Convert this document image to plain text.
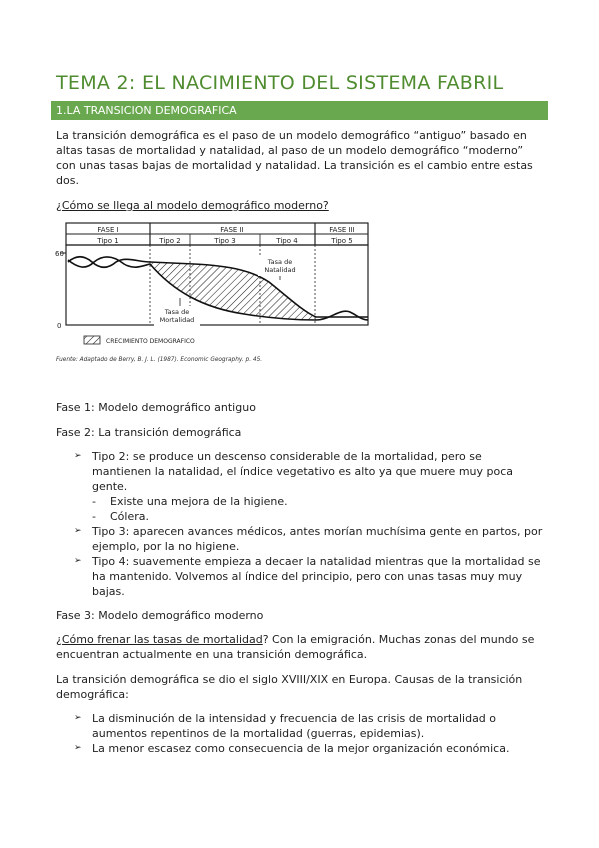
TEMA 2: EL NACIMIENTO DEL SISTEMA FABRIL
1.LA TRANSICION DEMOGRAFICA
La transición demográfica es el paso de un modelo demográfico “antiguo” basado en
altas tasas de mortalidad y natalidad, al paso de un modelo demográfico “moderno”
con unas tasas bajas de mortalidad y natalidad. La transición es el cambio entre estas
dos.
¿Cómo se llega al modelo demográfico moderno?
FASE I	FASE II	FASE III
Tipo 1	Tipo 2	Tipo 3	Tipo 4	Tipo 5
60
0
Tasa de
Natalidad
Tasa de
Mortalidad
CRECIMIENTO DEMOGRAFICO
Fuente: Adaptado de Berry, B. J. L. (1987). Economic Geography. p. 45.
Fase 1: Modelo demográfico antiguo
Fase 2: La transición demográfica
➢ Tipo 2: se produce un descenso considerable de la mortalidad, pero se
mantienen la natalidad, el índice vegetativo es alto ya que muere muy poca
gente.
- Existe una mejora de la higiene.
- Cólera.
➢ Tipo 3: aparecen avances médicos, antes morían muchísima gente en partos, por
ejemplo, por la no higiene.
➢ Tipo 4: suavemente empieza a decaer la natalidad mientras que la mortalidad se
ha mantenido. Volvemos al índice del principio, pero con unas tasas muy muy
bajas.
Fase 3: Modelo demográfico moderno
¿Cómo frenar las tasas de mortalidad? Con la emigración. Muchas zonas del mundo se
encuentran actualmente en una transición demográfica.
La transición demográfica se dio el siglo XVIII/XIX en Europa. Causas de la transición
demográfica:
➢ La disminución de la intensidad y frecuencia de las crisis de mortalidad o
aumentos repentinos de la mortalidad (guerras, epidemias).
➢ La menor escasez como consecuencia de la mejor organización económica.
